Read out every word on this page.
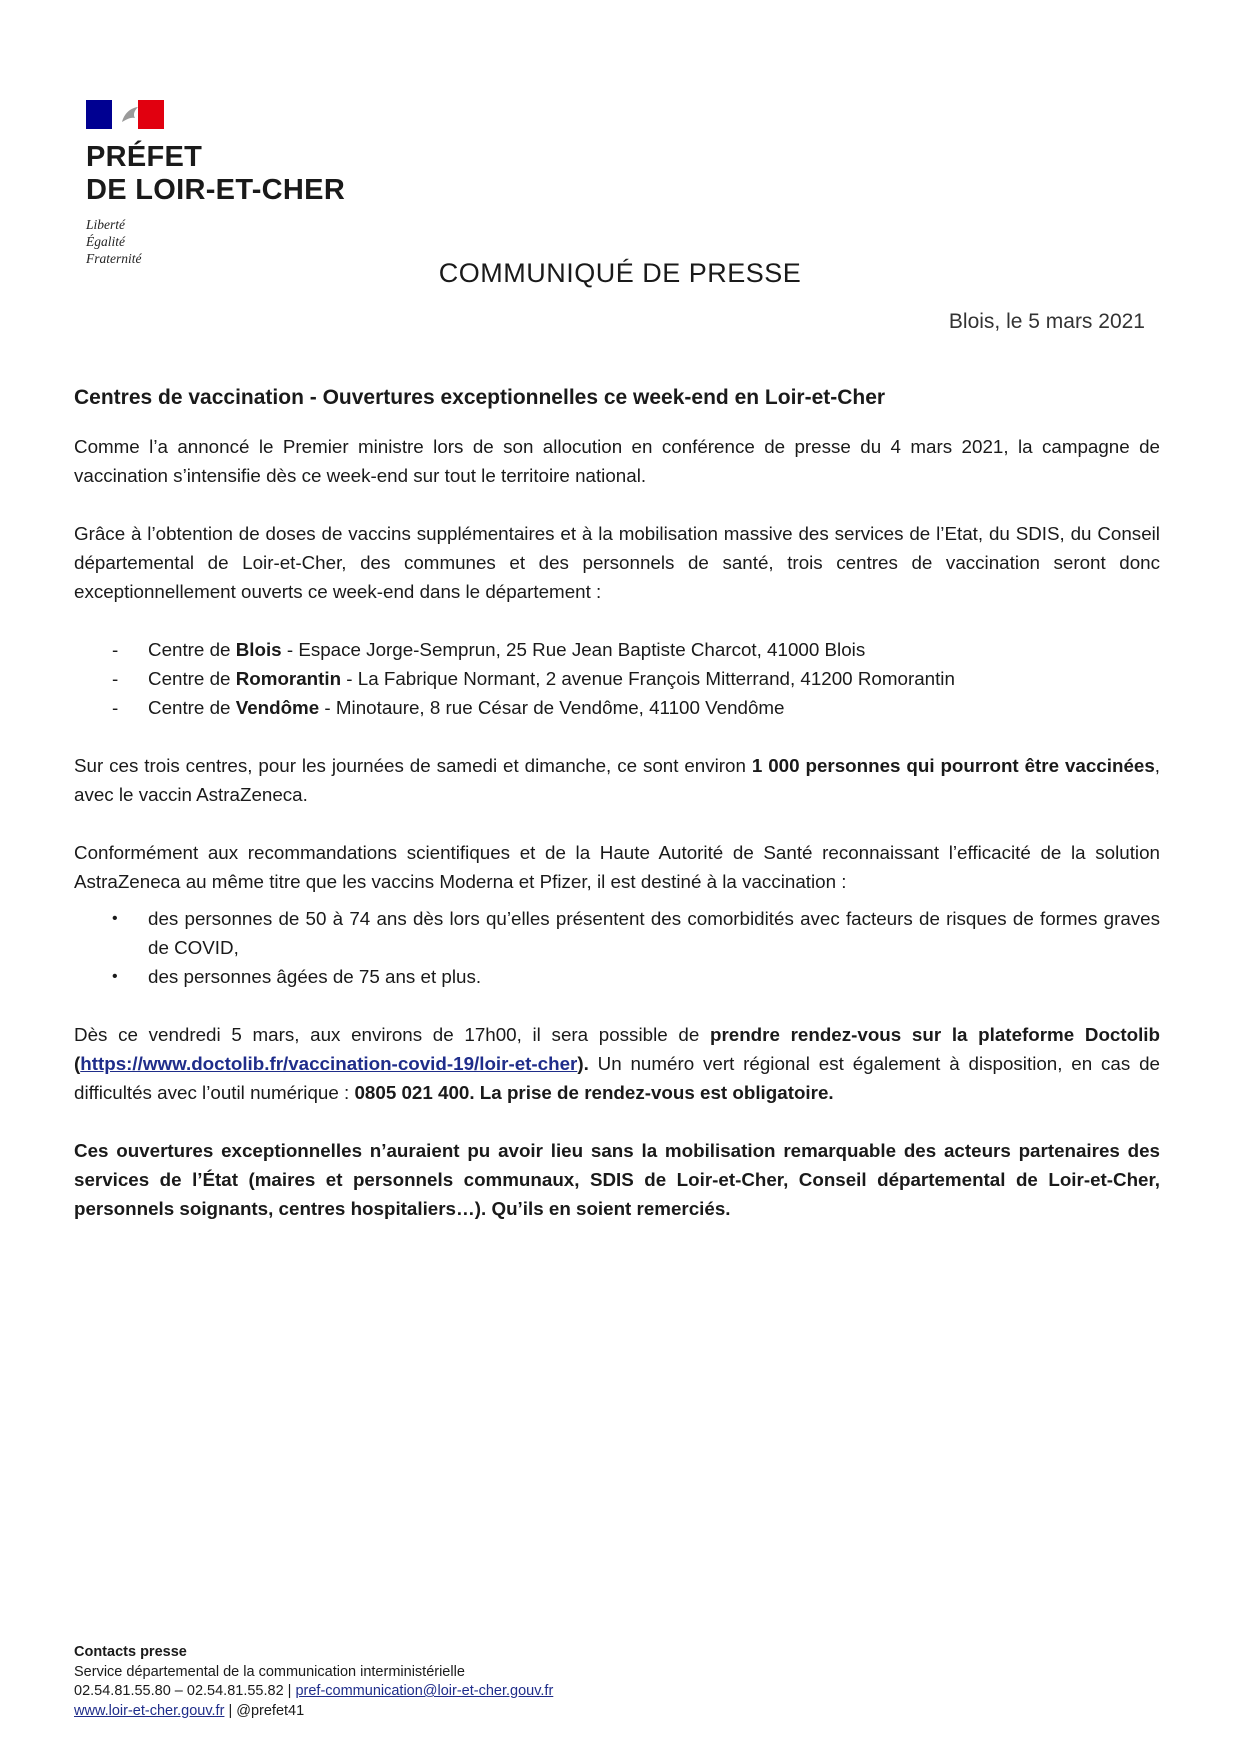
PRÉFET
DE LOIR-ET-CHER
Liberté
Égalité
Fraternité	COMMUNIQUÉ DE PRESSE
Blois, le 5 mars 2021
Centres de vaccination - Ouvertures exceptionnelles ce week-end en Loir-et-Cher

Comme l’a annoncé le Premier ministre lors de son allocution en conférence de presse du 4 mars 2021, la campagne de vaccination s’intensifie dès ce week-end sur tout le territoire national.

Grâce à l’obtention de doses de vaccins supplémentaires et à la mobilisation massive des services de l’Etat, du SDIS, du Conseil départemental de Loir-et-Cher, des communes et des personnels de santé, trois centres de vaccination seront donc exceptionnellement ouverts ce week-end dans le département :

- Centre de Blois - Espace Jorge-Semprun, 25 Rue Jean Baptiste Charcot, 41000 Blois
- Centre de Romorantin - La Fabrique Normant, 2 avenue François Mitterrand, 41200 Romorantin
- Centre de Vendôme - Minotaure, 8 rue César de Vendôme, 41100 Vendôme

Sur ces trois centres, pour les journées de samedi et dimanche, ce sont environ 1 000 personnes qui pourront être vaccinées, avec le vaccin AstraZeneca.

Conformément aux recommandations scientifiques et de la Haute Autorité de Santé reconnaissant l’efficacité de la solution AstraZeneca au même titre que les vaccins Moderna et Pfizer, il est destiné à la vaccination :

• des personnes de 50 à 74 ans dès lors qu’elles présentent des comorbidités avec facteurs de risques de formes graves de COVID,
• des personnes âgées de 75 ans et plus.

Dès ce vendredi 5 mars, aux environs de 17h00, il sera possible de prendre rendez-vous sur la plateforme Doctolib (https://www.doctolib.fr/vaccination-covid-19/loir-et-cher). Un numéro vert régional est également à disposition, en cas de difficultés avec l’outil numérique : 0805 021 400. La prise de rendez-vous est obligatoire.

Ces ouvertures exceptionnelles n’auraient pu avoir lieu sans la mobilisation remarquable des acteurs partenaires des services de l’État (maires et personnels communaux, SDIS de Loir-et-Cher, Conseil départemental de Loir-et-Cher, personnels soignants, centres hospitaliers…). Qu’ils en soient remerciés.

Contacts presse
Service départemental de la communication interministérielle
02.54.81.55.80 – 02.54.81.55.82 | pref-communication@loir-et-cher.gouv.fr
www.loir-et-cher.gouv.fr | @prefet41
